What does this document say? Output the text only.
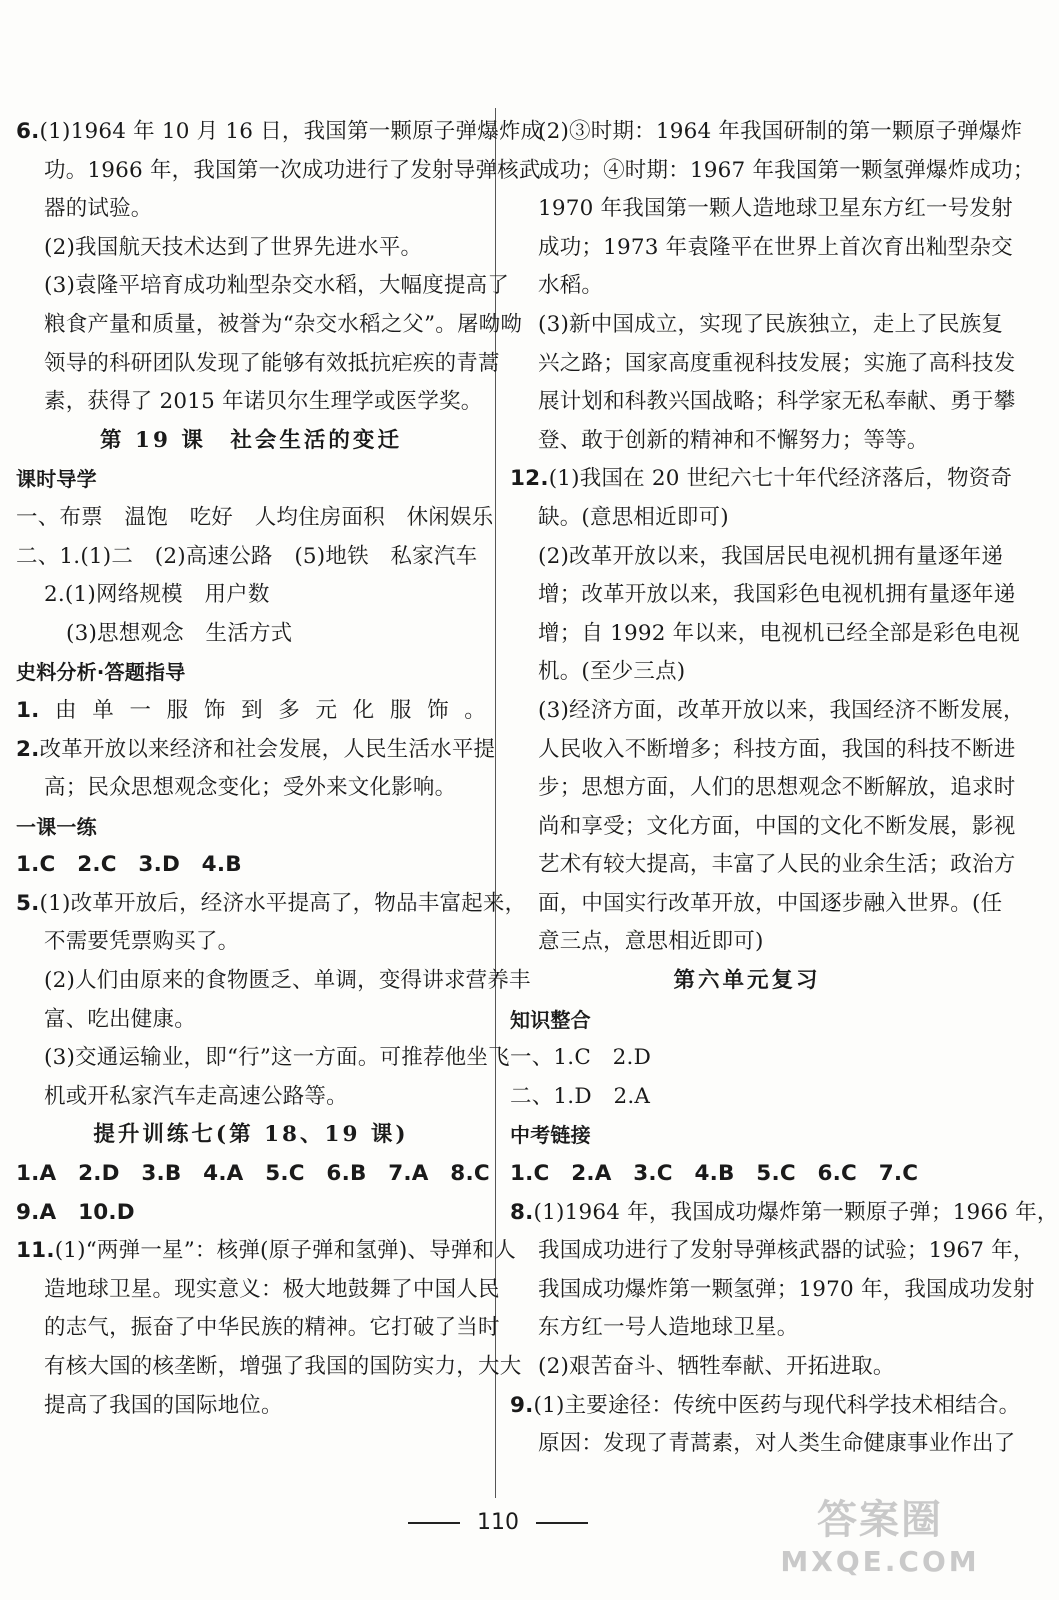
6. (1)1964 年 10 月 16 日，我国第一颗原子弹爆炸成
功。1966 年，我国第一次成功进行了发射导弹核武
器的试验。
(2)我国航天技术达到了世界先进水平。
(3)袁隆平培育成功籼型杂交水稻，大幅度提高了
粮食产量和质量，被誉为“杂交水稻之父”。屠呦呦
领导的科研团队发现了能够有效抵抗疟疾的青蒿
素，获得了 2015 年诺贝尔生理学或医学奖。
第 19 课　社会生活的变迁
课时导学
一、布票　温饱　吃好　人均住房面积　休闲娱乐
二、1.(1)二　(2)高速公路　(5)地铁　私家汽车
2.(1)网络规模　用户数
(3)思想观念　生活方式
史料分析·答题指导
1.由单一服饰到多元化服饰。
2. 改革开放以来经济和社会发展，人民生活水平提
高；民众思想观念变化；受外来文化影响。
一课一练
1.C　2.C　3.D　4.B
5. (1)改革开放后，经济水平提高了，物品丰富起来，
不需要凭票购买了。
(2)人们由原来的食物匮乏、单调，变得讲求营养丰
富、吃出健康。
(3)交通运输业，即“行”这一方面。可推荐他坐飞
机或开私家汽车走高速公路等。
提升训练七(第 18、19 课)
1.A　2.D　3.B　4.A　5.C　6.B　7.A　8.C
9.A　10.D
11. (1)“两弹一星”：核弹(原子弹和氢弹)、导弹和人
造地球卫星。现实意义：极大地鼓舞了中国人民
的志气，振奋了中华民族的精神。它打破了当时
有核大国的核垄断，增强了我国的国防实力，大大
提高了我国的国际地位。
(2)③时期：1964 年我国研制的第一颗原子弹爆炸
成功；④时期：1967 年我国第一颗氢弹爆炸成功；
1970 年我国第一颗人造地球卫星东方红一号发射
成功；1973 年袁隆平在世界上首次育出籼型杂交
水稻。
(3)新中国成立，实现了民族独立，走上了民族复
兴之路；国家高度重视科技发展；实施了高科技发
展计划和科教兴国战略；科学家无私奉献、勇于攀
登、敢于创新的精神和不懈努力；等等。
12. (1)我国在 20 世纪六七十年代经济落后，物资奇
缺。(意思相近即可)
(2)改革开放以来，我国居民电视机拥有量逐年递
增；改革开放以来，我国彩色电视机拥有量逐年递
增；自 1992 年以来，电视机已经全部是彩色电视
机。(至少三点)
(3)经济方面，改革开放以来，我国经济不断发展，
人民收入不断增多；科技方面，我国的科技不断进
步；思想方面，人们的思想观念不断解放，追求时
尚和享受；文化方面，中国的文化不断发展，影视
艺术有较大提高，丰富了人民的业余生活；政治方
面，中国实行改革开放，中国逐步融入世界。(任
意三点，意思相近即可)
第六单元复习
知识整合
一、1.C　2.D
二、1.D　2.A
中考链接
1.C　2.A　3.C　4.B　5.C　6.C　7.C
8. (1)1964 年，我国成功爆炸第一颗原子弹；1966 年，
我国成功进行了发射导弹核武器的试验；1967 年，
我国成功爆炸第一颗氢弹；1970 年，我国成功发射
东方红一号人造地球卫星。
(2)艰苦奋斗、牺牲奉献、开拓进取。
9. (1)主要途径：传统中医药与现代科学技术相结合。
原因：发现了青蒿素，对人类生命健康事业作出了
110	答案圈
MXQE.COM
